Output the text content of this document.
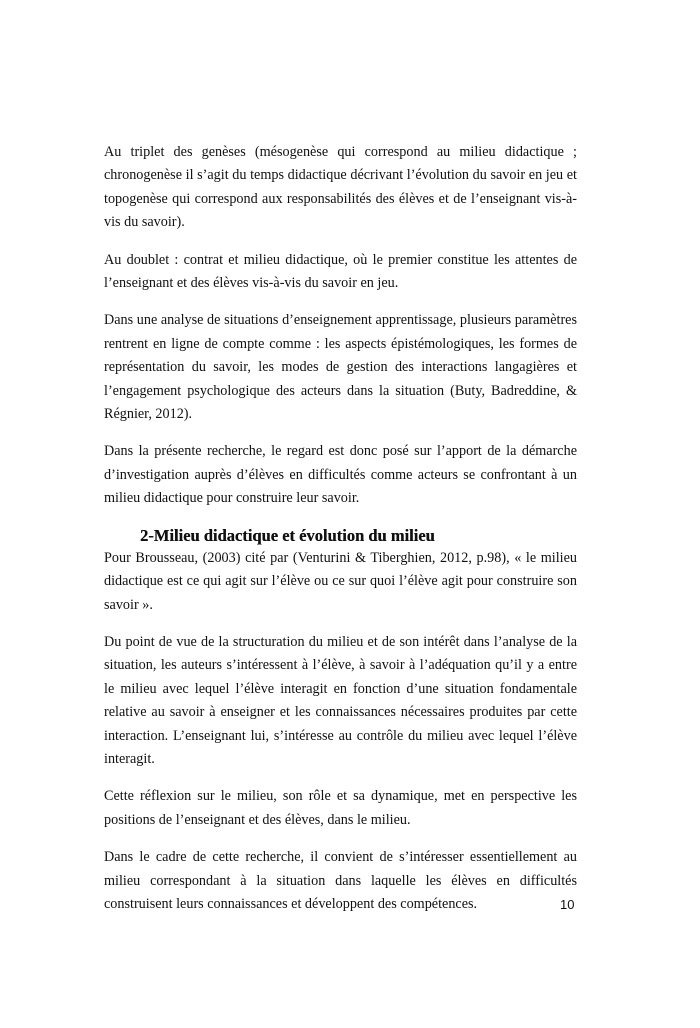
Au triplet des genèses (mésogenèse qui correspond au milieu didactique ; chronogenèse il s’agit du temps didactique décrivant l’évolution du savoir en jeu et topogenèse qui correspond aux responsabilités des élèves et de l’enseignant vis-à-vis du savoir).

Au doublet : contrat et milieu didactique, où le premier constitue les attentes de l’enseignant et des élèves vis-à-vis du savoir en jeu.

Dans une analyse de situations d’enseignement apprentissage, plusieurs paramètres rentrent en ligne de compte comme : les aspects épistémologiques, les formes de représentation du savoir, les modes de gestion des interactions langagières et l’engagement psychologique des acteurs dans la situation (Buty, Badreddine, & Régnier, 2012).

Dans la présente recherche, le regard est donc posé sur l’apport de la démarche d’investigation auprès d’élèves en difficultés comme acteurs se confrontant à un milieu didactique pour construire leur savoir.

2-Milieu didactique et évolution du milieu

Pour Brousseau, (2003) cité par (Venturini & Tiberghien, 2012, p.98), « le milieu didactique est ce qui agit sur l’élève ou ce sur quoi l’élève agit pour construire son savoir ».

Du point de vue de la structuration du milieu et de son intérêt dans l’analyse de la situation, les auteurs s’intéressent à l’élève, à savoir à l’adéquation qu’il y a entre le milieu avec lequel l’élève interagit en fonction d’une situation fondamentale relative au savoir à enseigner et les connaissances nécessaires produites par cette interaction. L’enseignant lui, s’intéresse au contrôle du milieu avec lequel l’élève interagit.

Cette réflexion sur le milieu, son rôle et sa dynamique, met en perspective les positions de l’enseignant et des élèves, dans le milieu.

Dans le cadre de cette recherche, il convient de s’intéresser essentiellement au milieu correspondant à la situation dans laquelle les élèves en difficultés construisent leurs connaissances et développent des compétences.	10
